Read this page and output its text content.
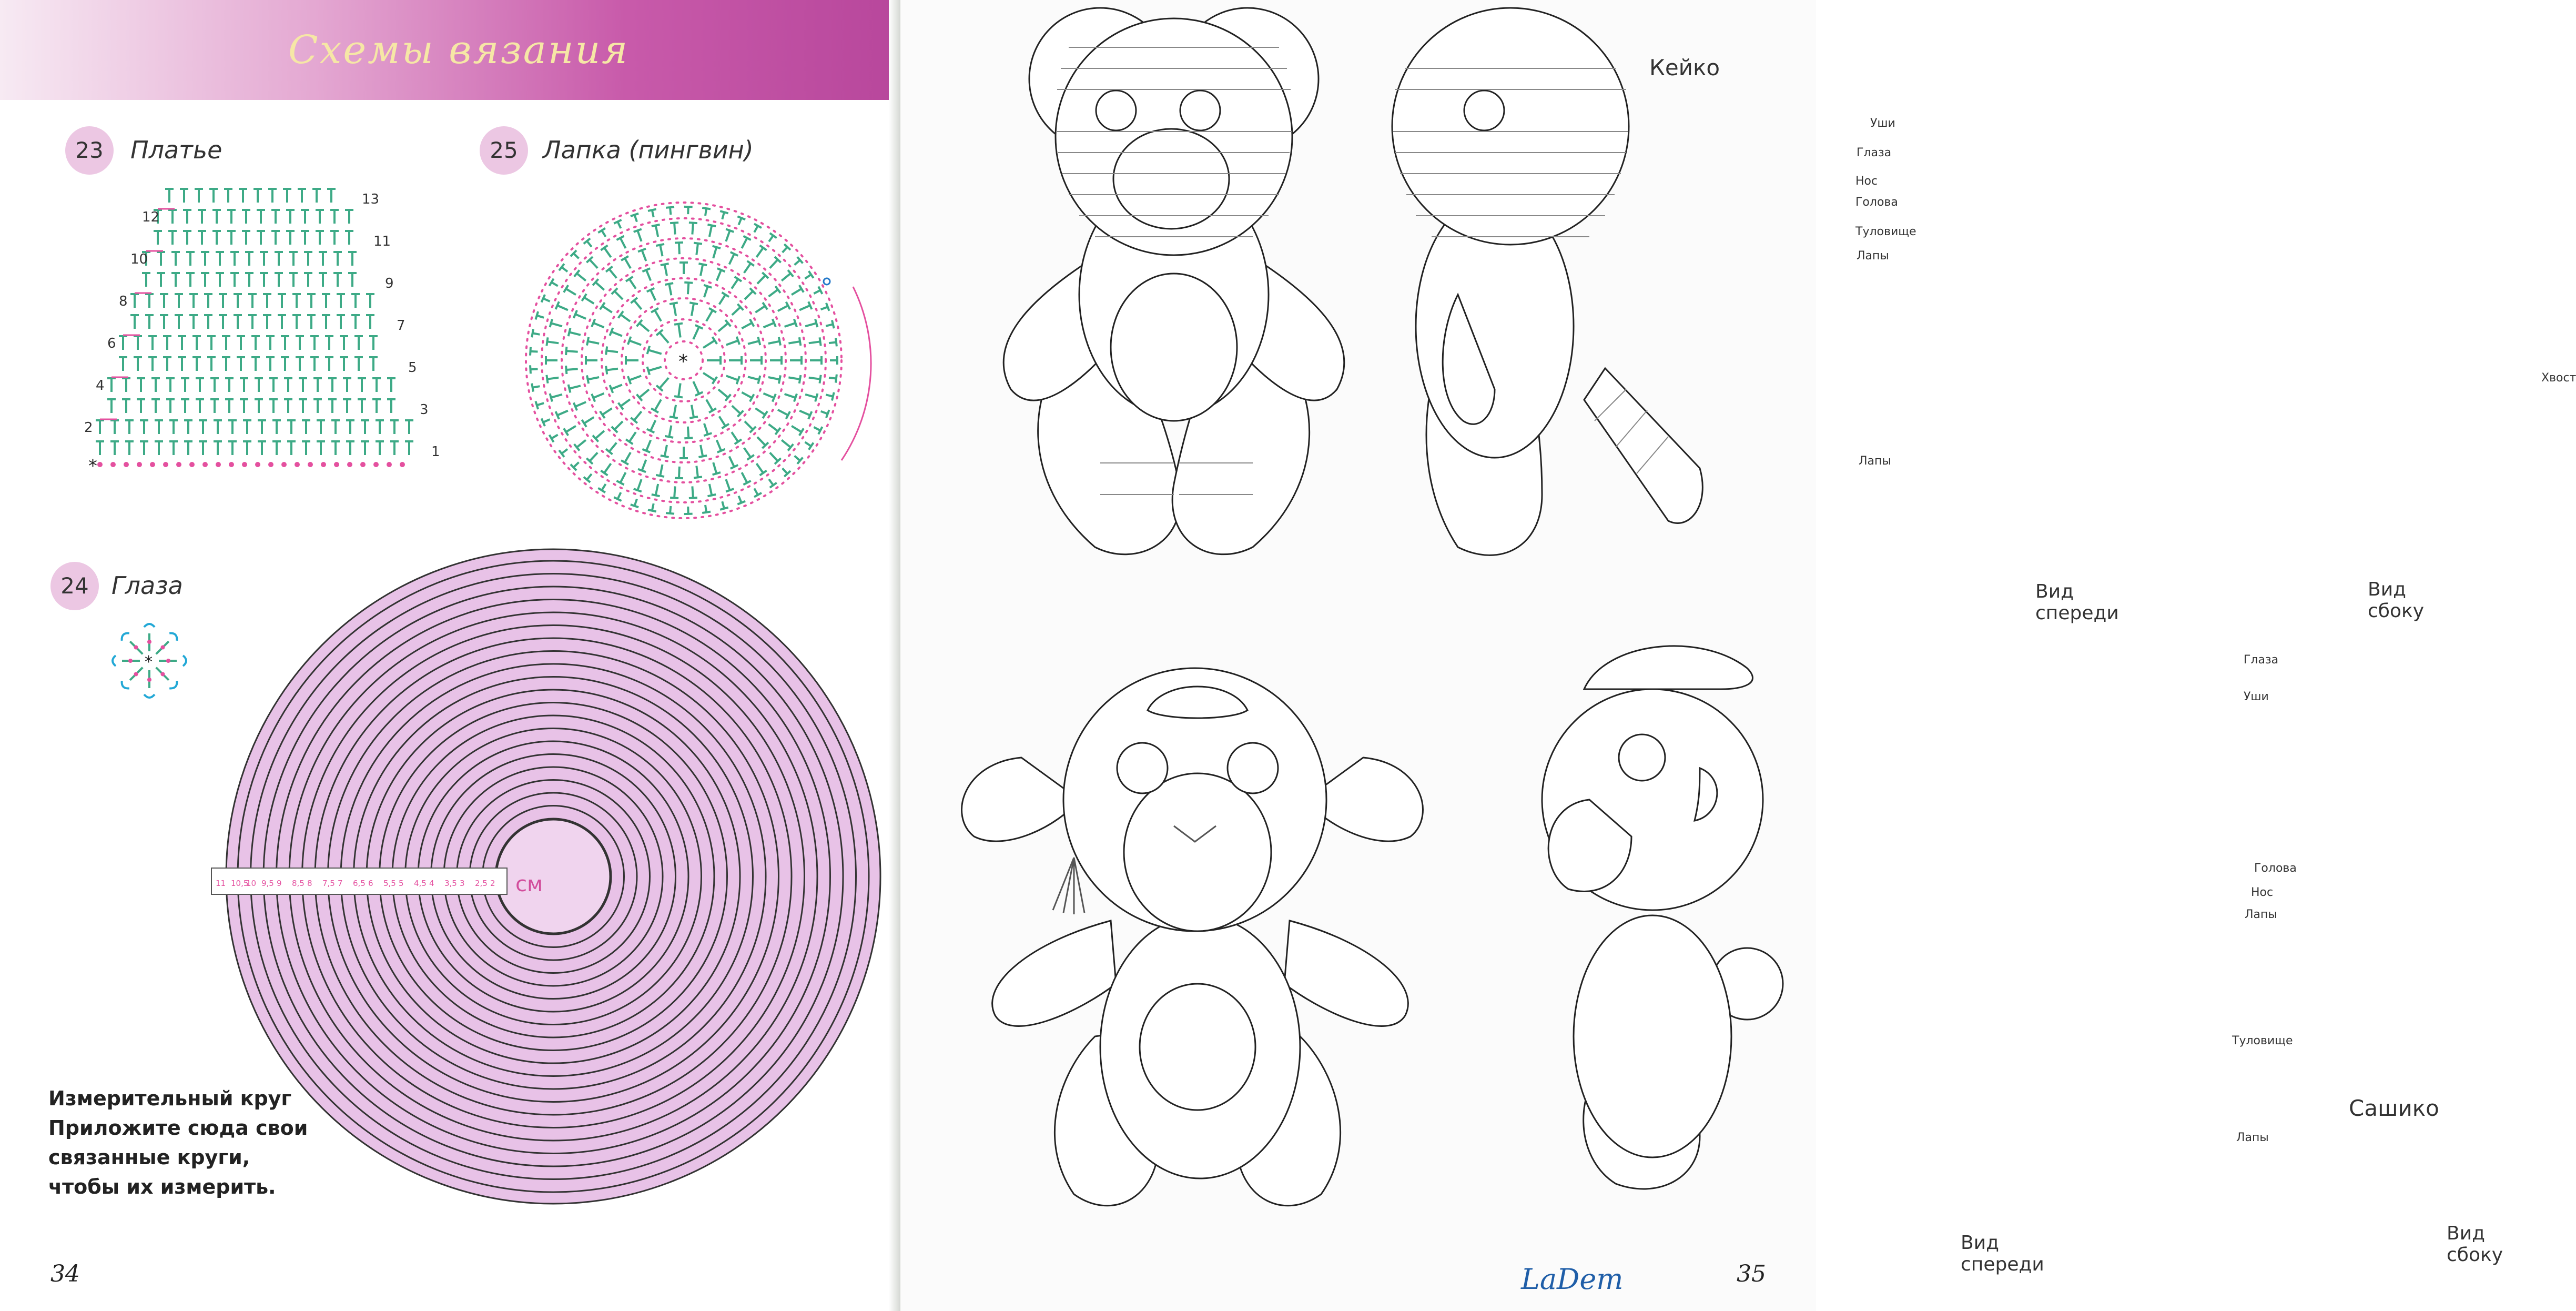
Схемы вязания
23	Платье
*
12
10
8
6
4
2
13
11
9
7
5
3
1
25	Лапка (пингвин)
*
24 Глаза
*
11 10,5
10 9,5 9 8,5 8 7,5 7 6,5 6 5,5 5 4,5 4 3,5 3 2,5 2 см
Измерительный круг
Приложите сюда свои
связанные круги,
чтобы их измерить.
34
Кейко
Уши
Глаза
Нос
Голова
Туловище
Лапы
Лапы
Вид спереди
Хвост
Вид сбоку
Глаза
Уши
Голова
Нос
Лапы
Туловище
Лапы
Вид спереди
Сашико
Вид сбоку
LaDem	35
